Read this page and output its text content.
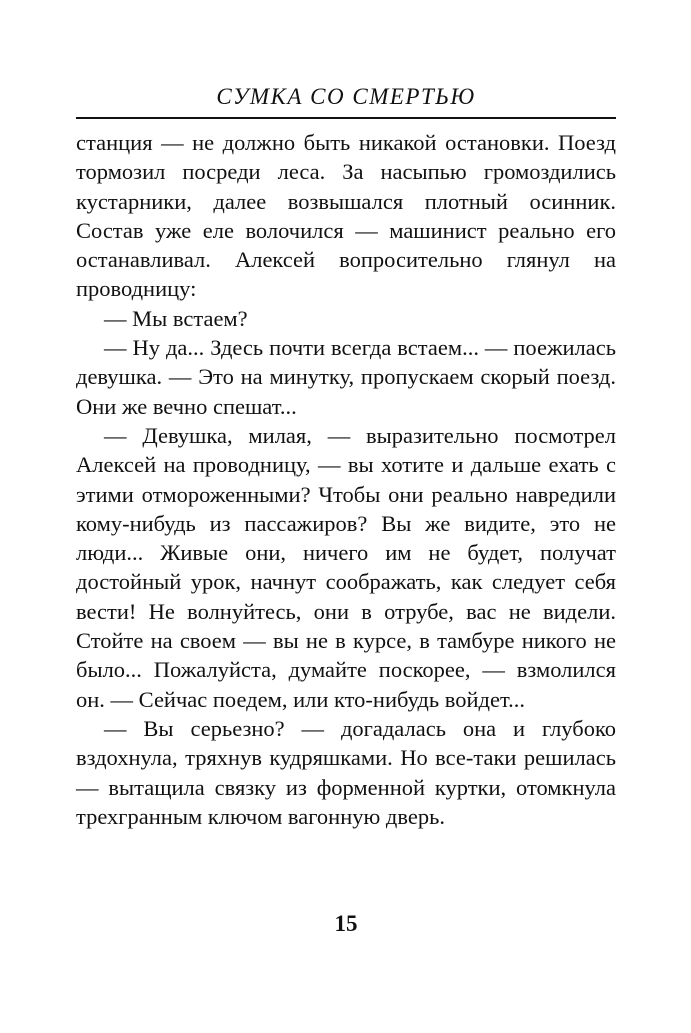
СУМКА СО СМЕРТЬЮ

станция — не должно быть никакой остановки. Поезд тормозил посреди леса. За насыпью громоздились кустарники, далее возвышался плотный осинник. Состав уже еле волочился — машинист реально его останавливал. Алексей вопросительно глянул на проводницу:

— Мы встаем?

— Ну да... Здесь почти всегда встаем... — поежилась девушка. — Это на минутку, пропускаем скорый поезд. Они же вечно спешат...

— Девушка, милая, — выразительно посмотрел Алексей на проводницу, — вы хотите и дальше ехать с этими отмороженными? Чтобы они реально навредили кому-нибудь из пассажиров? Вы же видите, это не люди... Живые они, ничего им не будет, получат достойный урок, начнут соображать, как следует себя вести! Не волнуйтесь, они в отрубе, вас не видели. Стойте на своем — вы не в курсе, в тамбуре никого не было... Пожалуйста, думайте поскорее, — взмолился он. — Сейчас поедем, или кто-нибудь войдет...

— Вы серьезно? — догадалась она и глубоко вздохнула, тряхнув кудряшками. Но все-таки решилась — вытащила связку из форменной куртки, отомкнула трехгранным ключом вагонную дверь.

15
